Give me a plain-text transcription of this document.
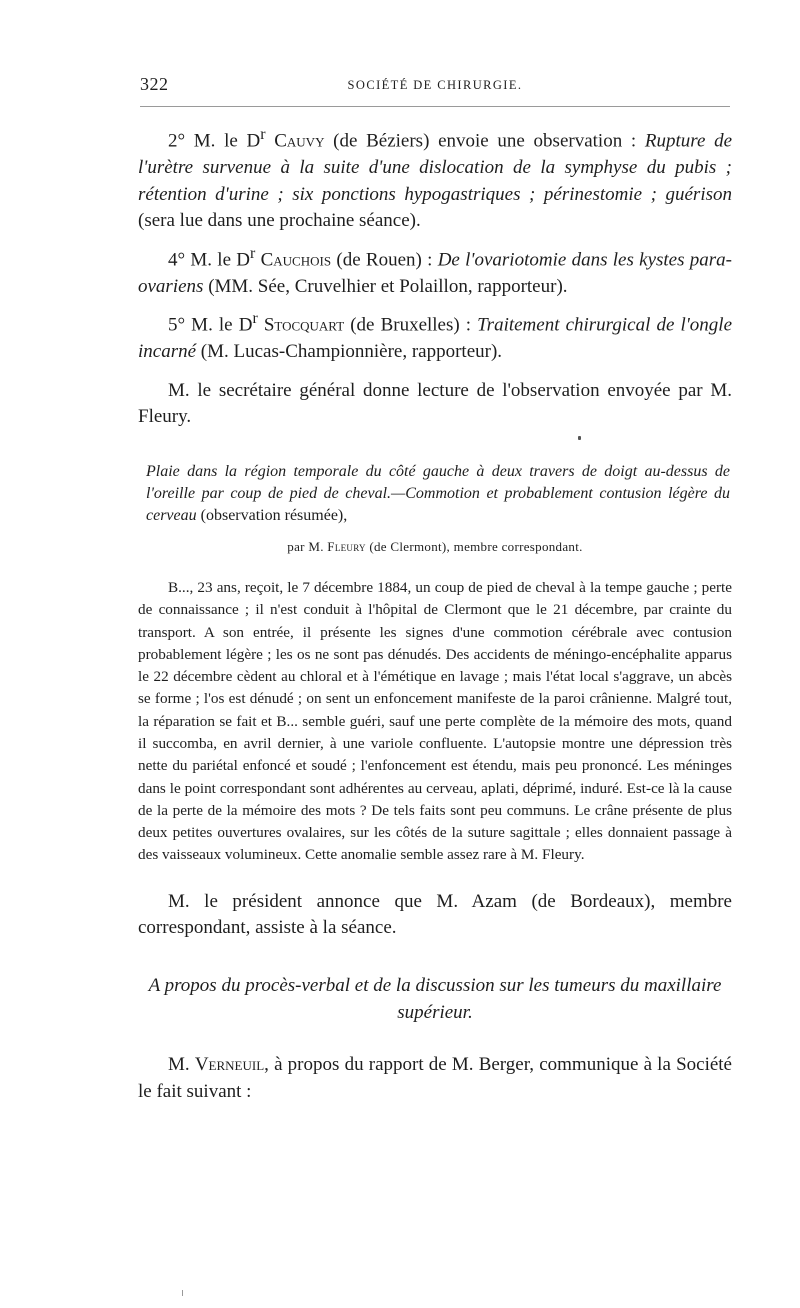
322	SOCIÉTÉ DE CHIRURGIE.

2° M. le $D^r$ Cauvy (de Béziers) envoie une observation : Rupture de l'urètre survenue à la suite d'une dislocation de la symphyse du pubis ; rétention d'urine ; six ponctions hypogastriques ; périnestomie ; guérison (sera lue dans une prochaine séance).

4° M. le $D^r$ Cauchois (de Rouen) : De l'ovariotomie dans les kystes para-ovariens (MM. Sée, Cruvelhier et Polaillon, rapporteur).

5° M. le $D^r$ Stocquart (de Bruxelles) : Traitement chirurgical de l'ongle incarné (M. Lucas-Championnière, rapporteur).

M. le secrétaire général donne lecture de l'observation envoyée par M. Fleury.

Plaie dans la région temporale du côté gauche à deux travers de doigt au-dessus de l'oreille par coup de pied de cheval.—Commotion et probablement contusion légère du cerveau (observation résumée),

par M. Fleury (de Clermont), membre correspondant.

B..., 23 ans, reçoit, le 7 décembre 1884, un coup de pied de cheval à la tempe gauche ; perte de connaissance ; il n'est conduit à l'hôpital de Clermont que le 21 décembre, par crainte du transport. A son entrée, il présente les signes d'une commotion cérébrale avec contusion probablement légère ; les os ne sont pas dénudés. Des accidents de méningo-encéphalite apparus le 22 décembre cèdent au chloral et à l'émétique en lavage ; mais l'état local s'aggrave, un abcès se forme ; l'os est dénudé ; on sent un enfoncement manifeste de la paroi crânienne. Malgré tout, la réparation se fait et B... semble guéri, sauf une perte complète de la mémoire des mots, quand il succomba, en avril dernier, à une variole confluente. L'autopsie montre une dépression très nette du pariétal enfoncé et soudé ; l'enfoncement est étendu, mais peu prononcé. Les méninges dans le point correspondant sont adhérentes au cerveau, aplati, déprimé, induré. Est-ce là la cause de la perte de la mémoire des mots ? De tels faits sont peu communs. Le crâne présente de plus deux petites ouvertures ovalaires, sur les côtés de la suture sagittale ; elles donnaient passage à des vaisseaux volumineux. Cette anomalie semble assez rare à M. Fleury.

M. le président annonce que M. Azam (de Bordeaux), membre correspondant, assiste à la séance.

A propos du procès-verbal et de la discussion sur les tumeurs du maxillaire supérieur.

M. Verneuil, à propos du rapport de M. Berger, communique à la Société le fait suivant :
